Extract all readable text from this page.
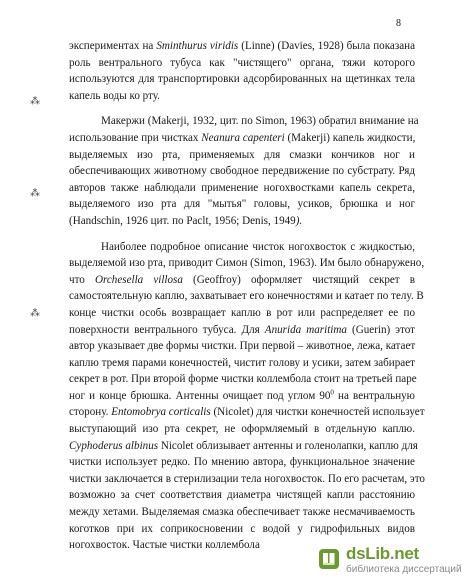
8
⁂
⁂
⁂
экспериментах на Sminthurus viridis (Linne) (Davies, 1928) была показана
роль вентрального тубуса как "чистящего" органа, тяжи которого
используются для транспортировки адсорбированных на щетинках тела
капель воды ко рту.
Макержи (Makerji, 1932, цит. по Simon, 1963) обратил внимание на
использование при чистках Neanura capenteri (Makerji) капель жидкости,
выделяемых изо рта, применяемых для смазки кончиков ног и
обеспечивающих животному свободное передвижение по субстрату. Ряд
авторов также наблюдали применение ногохвостками капель секрета,
выделяемого изо рта для "мытья" головы, усиков, брюшка и ног
(Handschin, 1926 цит. по Paclt, 1956; Denis, 1949).
Наиболее подробное описание чисток ногохвосток с жидкостью,
выделяемой изо рта, приводит Симон (Simon, 1963). Им было обнаружено,
что Orchesella villosa (Geoffroy) оформляет чистящий секрет в
самостоятельную каплю, захватывает его конечностями и катает по телу. В
конце чистки особь возвращает каплю в рот или распределяет ее по
поверхности вентрального тубуса. Для Anurida maritima (Guerin) этот
автор указывает две формы чистки. При первой – животное, лежа, катает
каплю тремя парами конечностей, чистит голову и усики, затем забирает
секрет в рот. При второй форме чистки коллембола стоит на третьей паре
ног и конце брюшка. Антенны очищает под углом $90^0$ на вентральную
сторону. Entomobrya corticalis (Nicolet) для чистки конечностей использует
выступающий изо рта секрет, не оформляемый в отдельную каплю.
Cyphoderus albinus Nicolet облизывает антенны и голенолапки, каплю для
чистки использует редко. По мнению автора, функциональное значение
чистки заключается в стерилизации тела ногохвосток. По его расчетам, это
возможно за счет соответствия диаметра чистящей капли расстоянию
между хетами. Выделяемая смазка обеспечивает также несмачиваемость
коготков при их соприкосновении с водой у гидрофильных видов
ногохвосток. Частые чистки коллембола	dsLib.net
библиотека диссертаций
